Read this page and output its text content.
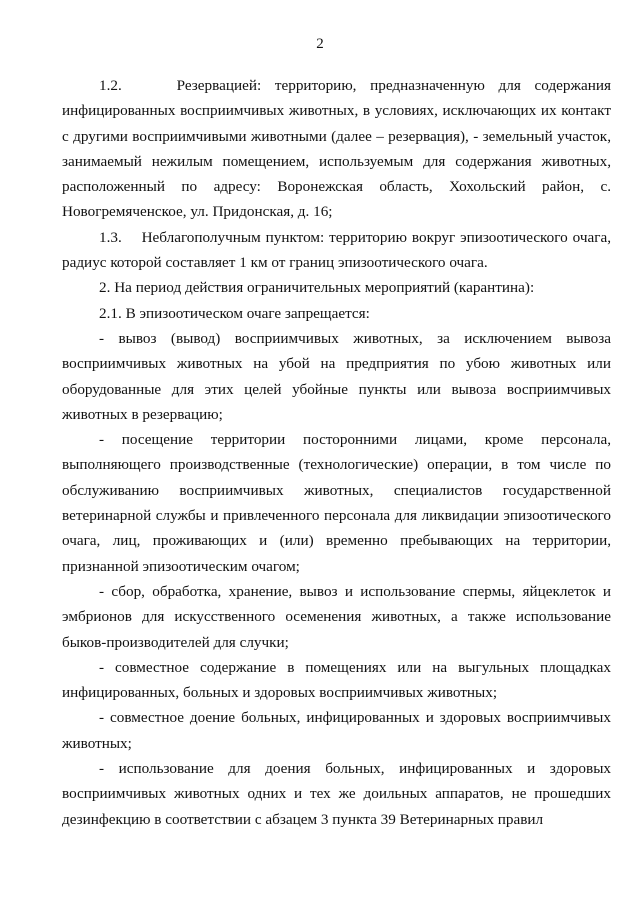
2

1.2.    Резервацией: территорию, предназначенную для содержания инфицированных восприимчивых животных, в условиях, исключающих их контакт с другими восприимчивыми животными (далее – резервация), - земельный участок, занимаемый нежилым помещением, используемым для содержания животных, расположенный по адресу: Воронежская область, Хохольский район, с. Новогремяченское, ул. Придонская, д. 16;

1.3.    Неблагополучным пунктом: территорию вокруг эпизоотического очага, радиус которой составляет 1 км от границ эпизоотического очага.

2. На период действия ограничительных мероприятий (карантина):

2.1. В эпизоотическом очаге запрещается:

- вывоз (вывод) восприимчивых животных, за исключением вывоза восприимчивых животных на убой на предприятия по убою животных или оборудованные для этих целей убойные пункты или вывоза восприимчивых животных в резервацию;

- посещение территории посторонними лицами, кроме персонала, выполняющего производственные (технологические) операции, в том числе по обслуживанию восприимчивых животных, специалистов государственной ветеринарной службы и привлеченного персонала для ликвидации эпизоотического очага, лиц, проживающих и (или) временно пребывающих на территории, признанной эпизоотическим очагом;

- сбор, обработка, хранение, вывоз и использование спермы, яйцеклеток и эмбрионов для искусственного осеменения животных, а также использование быков-производителей для случки;

- совместное содержание в помещениях или на выгульных площадках инфицированных, больных и здоровых восприимчивых животных;

- совместное доение больных, инфицированных и здоровых восприимчивых животных;

- использование для доения больных, инфицированных и здоровых восприимчивых животных одних и тех же доильных аппаратов, не прошедших дезинфекцию в соответствии с абзацем 3 пункта 39 Ветеринарных правил
